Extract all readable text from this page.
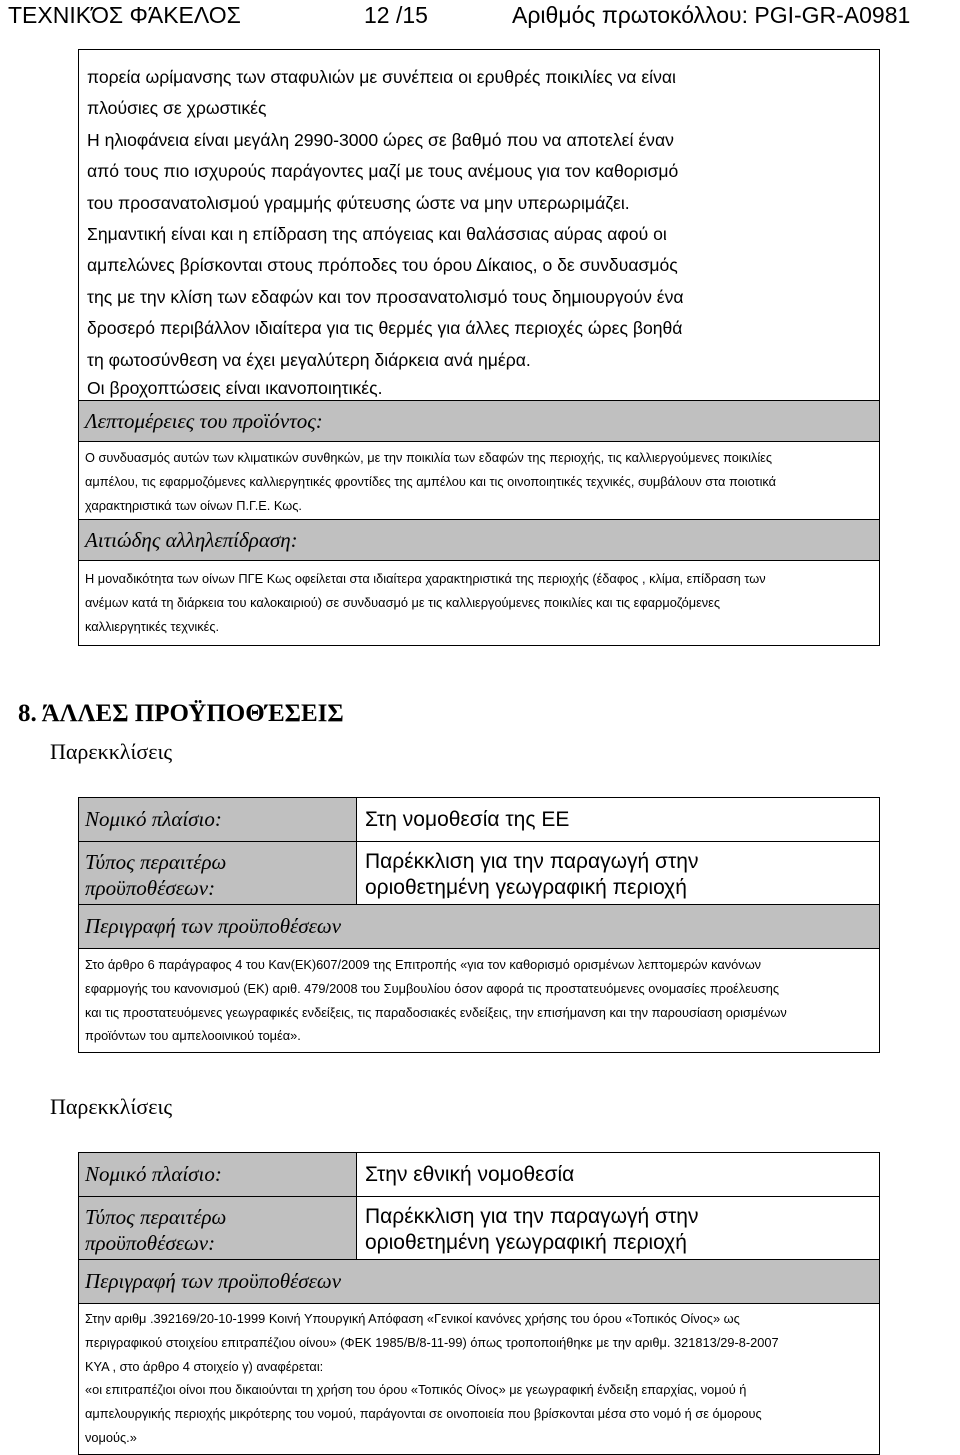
ΤΕΧΝΙΚΌΣ ΦΆΚΕΛΟΣ	12 /15	Αριθμός πρωτοκόλλου: PGI-GR-A0981
πορεία ωρίμανσης των σταφυλιών με συνέπεια οι ερυθρές ποικιλίες να είναι
πλούσιες σε χρωστικές
Η ηλιοφάνεια είναι μεγάλη 2990-3000 ώρες σε βαθμό που να αποτελεί έναν
από τους πιο ισχυρούς παράγοντες μαζί με τους ανέμους για τον καθορισμό
του προσανατολισμού γραμμής φύτευσης ώστε να μην υπερωριμάζει.
Σημαντική είναι και η επίδραση της απόγειας και θαλάσσιας αύρας αφού οι
αμπελώνες βρίσκονται στους πρόποδες του όρου Δίκαιος, ο δε συνδυασμός
της με την κλίση των εδαφών και τον προσανατολισμό τους δημιουργούν ένα
δροσερό περιβάλλον ιδιαίτερα για τις θερμές για άλλες περιοχές ώρες βοηθά
τη φωτοσύνθεση να έχει μεγαλύτερη διάρκεια ανά ημέρα.
Οι βροχοπτώσεις είναι ικανοποιητικές.
Λεπτομέρειες του προϊόντος:
Ο συνδυασμός αυτών των κλιματικών συνθηκών, με την ποικιλία των εδαφών της περιοχής, τις καλλιεργούμενες ποικιλίες
αμπέλου, τις εφαρμοζόμενες καλλιεργητικές φροντίδες της αμπέλου και τις οινοποιητικές τεχνικές, συμβάλουν στα ποιοτικά
χαρακτηριστικά των οίνων Π.Γ.Ε. Κως.
Αιτιώδης αλληλεπίδραση:
Η μοναδικότητα των οίνων ΠΓΕ Κως οφείλεται στα ιδιαίτερα χαρακτηριστικά της περιοχής (έδαφος , κλίμα, επίδραση των
ανέμων κατά τη διάρκεια του καλοκαιριού) σε συνδυασμό με τις καλλιεργούμενες ποικιλίες και τις εφαρμοζόμενες
καλλιεργητικές τεχνικές.
8. ΆΛΛΕΣ ΠΡΟΫΠΟΘΈΣΕΙΣ
Παρεκκλίσεις
Νομικό πλαίσιο:	Στη νομοθεσία της ΕΕ
Τύπος περαιτέρω
προϋποθέσεων:
Παρέκκλιση για την παραγωγή στην
οριοθετημένη γεωγραφική περιοχή
Περιγραφή των προϋποθέσεων
Στο άρθρο 6 παράγραφος 4 του Καν(ΕΚ)607/2009 της Επιτροπής «για τον καθορισμό ορισμένων λεπτομερών κανόνων
εφαρμογής του κανονισμού (ΕΚ) αριθ. 479/2008 του Συμβουλίου όσον αφορά τις προστατευόμενες ονομασίες προέλευσης
και τις προστατευόμενες γεωγραφικές ενδείξεις, τις παραδοσιακές ενδείξεις, την επισήμανση και την παρουσίαση ορισμένων
προϊόντων του αμπελοοινικού τομέα».
Παρεκκλίσεις
Νομικό πλαίσιο:	Στην εθνική νομοθεσία
Τύπος περαιτέρω
προϋποθέσεων:
Παρέκκλιση για την παραγωγή στην
οριοθετημένη γεωγραφική περιοχή
Περιγραφή των προϋποθέσεων
Στην αριθμ .392169/20-10-1999 Κοινή Υπουργική Απόφαση «Γενικοί κανόνες χρήσης του όρου «Τοπικός Οίνος» ως
περιγραφικού στοιχείου επιτραπέζιου οίνου» (ΦΕΚ 1985/Β/8-11-99) όπως τροποποιήθηκε με την αριθμ. 321813/29-8-2007
ΚΥΑ , στο άρθρο 4 στοιχείο γ) αναφέρεται:
«οι επιτραπέζιοι οίνοι που δικαιούνται τη χρήση του όρου «Τοπικός Οίνος» με γεωγραφική ένδειξη επαρχίας, νομού ή
αμπελουργικής περιοχής μικρότερης του νομού, παράγονται σε οινοποιεία που βρίσκονται μέσα στο νομό ή σε όμορους
νομούς.»
